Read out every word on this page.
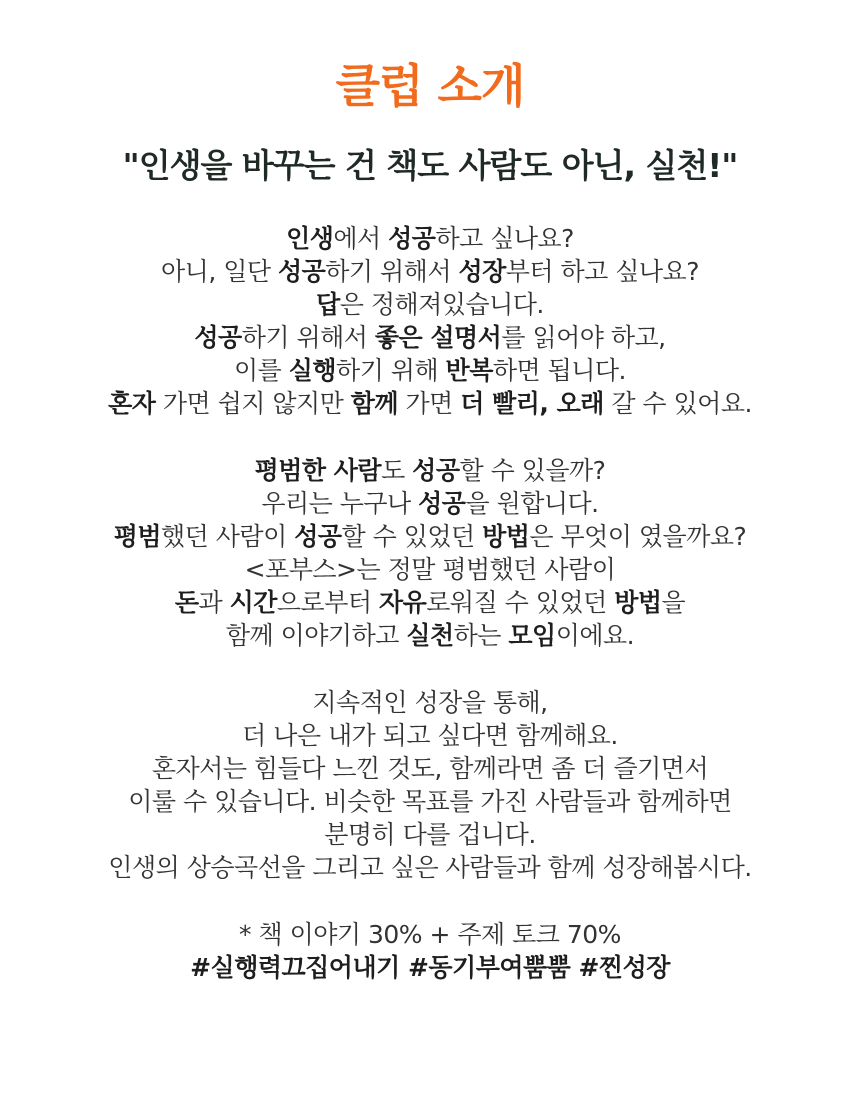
클럽 소개
"인생을 바꾸는 건 책도 사람도 아닌, 실천!"
인생에서 성공하고 싶나요?
아니, 일단 성공하기 위해서 성장부터 하고 싶나요?
답은 정해져있습니다.
성공하기 위해서 좋은 설명서를 읽어야 하고,
이를 실행하기 위해 반복하면 됩니다.
혼자 가면 쉽지 않지만 함께 가면 더 빨리, 오래 갈 수 있어요.
평범한 사람도 성공할 수 있을까?
우리는 누구나 성공을 원합니다.
평범했던 사람이 성공할 수 있었던 방법은 무엇이 였을까요?
<포부스>는 정말 평범했던 사람이
돈과 시간으로부터 자유로워질 수 있었던 방법을
함께 이야기하고 실천하는 모임이에요.
지속적인 성장을 통해,
더 나은 내가 되고 싶다면 함께해요.
혼자서는 힘들다 느낀 것도, 함께라면 좀 더 즐기면서
이룰 수 있습니다. 비슷한 목표를 가진 사람들과 함께하면
분명히 다를 겁니다.
인생의 상승곡선을 그리고 싶은 사람들과 함께 성장해봅시다.
* 책 이야기 30% + 주제 토크 70%
#실행력끄집어내기 #동기부여뿜뿜 #찐성장
